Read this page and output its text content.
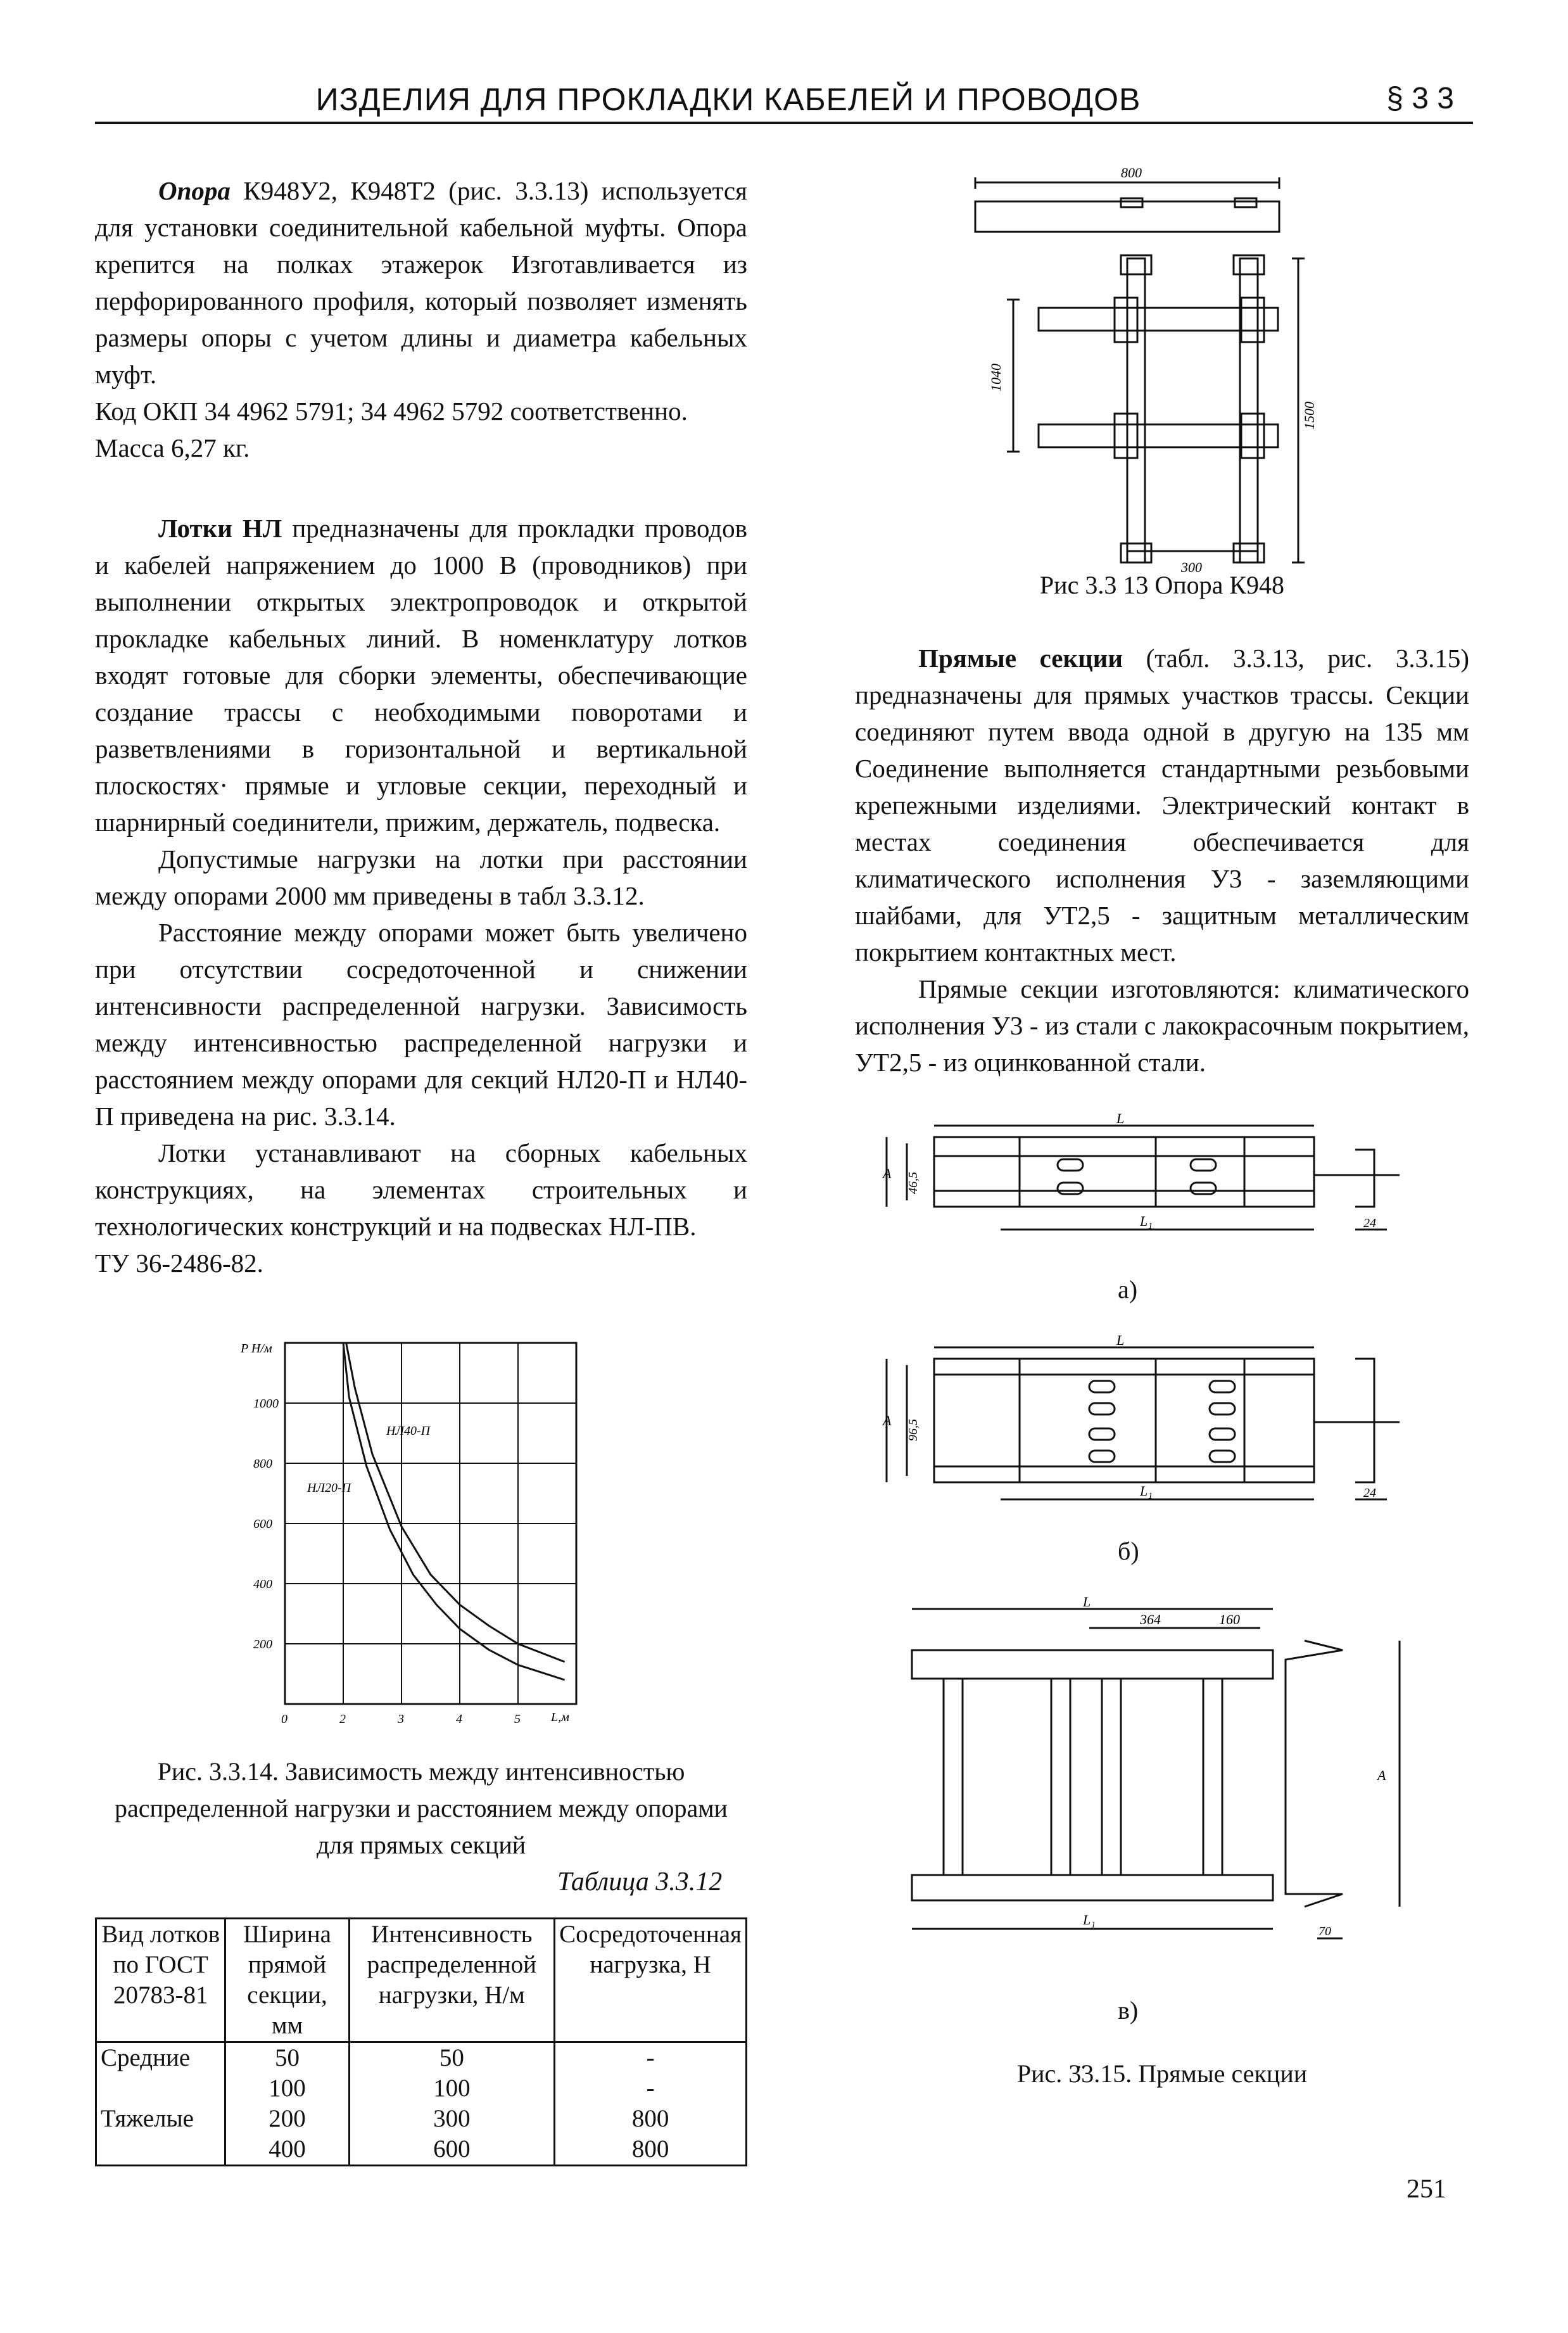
ИЗДЕЛИЯ ДЛЯ ПРОКЛАДКИ КАБЕЛЕЙ И ПРОВОДОВ	§ 3 3

Опора К948У2, К948Т2 (рис. 3.3.13) используется для установки соединительной кабельной муфты. Опора крепится на полках этажерок Изготавливается из перфорированного профиля, который позволяет изменять размеры опоры с учетом длины и диаметра кабельных муфт.

Код ОКП 34 4962 5791; 34 4962 5792 соответственно.

Масса 6,27 кг.

Лотки НЛ предназначены для прокладки проводов и кабелей напряжением до 1000 В (проводников) при выполнении открытых электропроводок и открытой прокладке кабельных линий. В номенклатуру лотков входят готовые для сборки элементы, обеспечивающие создание трассы с необходимыми поворотами и разветвлениями в горизонтальной и вертикальной плоскостях· прямые и угловые секции, переходный и шарнирный соединители, прижим, держатель, подвеска.

Допустимые нагрузки на лотки при расстоянии между опорами 2000 мм приведены в табл 3.3.12.

Расстояние между опорами может быть увеличено при отсутствии сосредоточенной и снижении интенсивности распределенной нагрузки. Зависимость между интенсивностью распределенной нагрузки и расстоянием между опорами для секций НЛ20-П и НЛ40-П приведена на рис. 3.3.14.

Лотки устанавливают на сборных кабельных конструкциях, на элементах строительных и технологических конструкций и на подвесках НЛ-ПВ.

ТУ 36-2486-82.

0	2	3	4	5
200
400
600
800
1000
P Н/м
L,м
НЛ40-П
НЛ20-П
Рис. 3.3.14. Зависимость между интенсивностью распределенной нагрузки и расстоянием между опорами для прямых секций
Таблица 3.3.12
Вид лотков по ГОСТ 20783-81	Ширина прямой секции, мм	Интенсивность распределенной нагрузки, Н/м	Сосредоточенная нагрузка, Н
Средние	50	50	-
	100	100	-
Тяжелые	200	300	800
	400	600	800
800
1040
1500
300
Рис 3.3 13 Опора К948

Прямые секции (табл. 3.3.13, рис. 3.3.15) предназначены для прямых участков трассы. Секции соединяют путем ввода одной в другую на 135 мм Соединение выполняется стандартными резьбовыми крепежными изделиями. Электрический контакт в местах соединения обеспечивается для климатического исполнения У3 - заземляющими шайбами, для УТ2,5 - защитным металлическим покрытием контактных мест.

Прямые секции изготовляются: климатического исполнения У3 - из стали с лакокрасочным покрытием, УТ2,5 - из оцинкованной стали.

L
A 46,5
L₁	24
а)
L
A 96,5
L₁	24
б)
L
364	160
A
L₁
70
в)
Рис. 3̈3.15. Прямые секции
251
